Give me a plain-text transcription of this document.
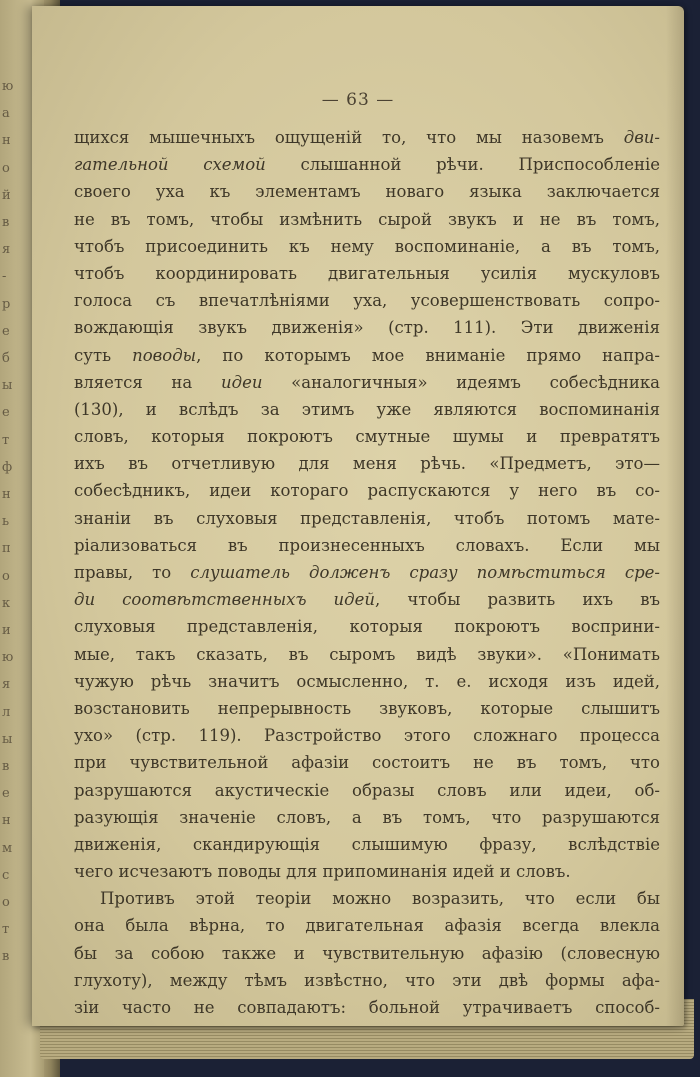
ю
а
н
о
й
в
я
-
р
е
б
ы
е
т
ф
н
ь
п
о
к
и
ю
я
л
ы
в
е
н
м
с
о
т
в
— 63 —
щихся мышечныхъ ощущенiй то, что мы назовемъ дви-
гательной схемой слышанной рѣчи. Приспособленiе
своего уха къ элементамъ новаго языка заключается
не въ томъ, чтобы измѣнить сырой звукъ и не въ томъ,
чтобъ присоединить къ нему воспоминанiе, а въ томъ,
чтобъ координировать двигательныя усилiя мускуловъ
голоса съ впечатлѣнiями уха, усовершенствовать сопро-
вождающiя звукъ движенiя» (стр. 111). Эти движенiя
суть поводы, по которымъ мое вниманiе прямо напра-
вляется на идеи «аналогичныя» идеямъ собесѣдника
(130), и вслѣдъ за этимъ уже являются воспоминанiя
словъ, которыя покроютъ смутные шумы и превратятъ
ихъ въ отчетливую для меня рѣчь. «Предметъ, это—
собесѣдникъ, идеи котораго распускаются у него въ со-
знанiи въ слуховыя представленiя, чтобъ потомъ мате-
рiализоваться въ произнесенныхъ словахъ. Если мы
правы, то слушатель долженъ сразу помѣститься сре-
ди соотвѣтственныхъ идей, чтобы развить ихъ въ
слуховыя представленiя, которыя покроютъ восприни-
мые, такъ сказать, въ сыромъ видѣ звуки». «Понимать
чужую рѣчь значитъ осмысленно, т. е. исходя изъ идей,
возстановить непрерывность звуковъ, которые слышитъ
ухо» (стр. 119). Разстройство этого сложнаго процесса
при чувствительной афазiи состоитъ не въ томъ, что
разрушаются акустическiе образы словъ или идеи, об-
разующiя значенiе словъ, а въ томъ, что разрушаются
движенiя, скандирующiя слышимую фразу, вслѣдствiе
чего исчезаютъ поводы для припоминанiя идей и словъ.
Противъ этой теорiи можно возразить, что если бы
она была вѣрна, то двигательная афазiя всегда влекла
бы за собою также и чувствительную афазiю (словесную
глухоту), между тѣмъ извѣстно, что эти двѣ формы афа-
зiи часто не совпадаютъ: больной утрачиваетъ способ-
